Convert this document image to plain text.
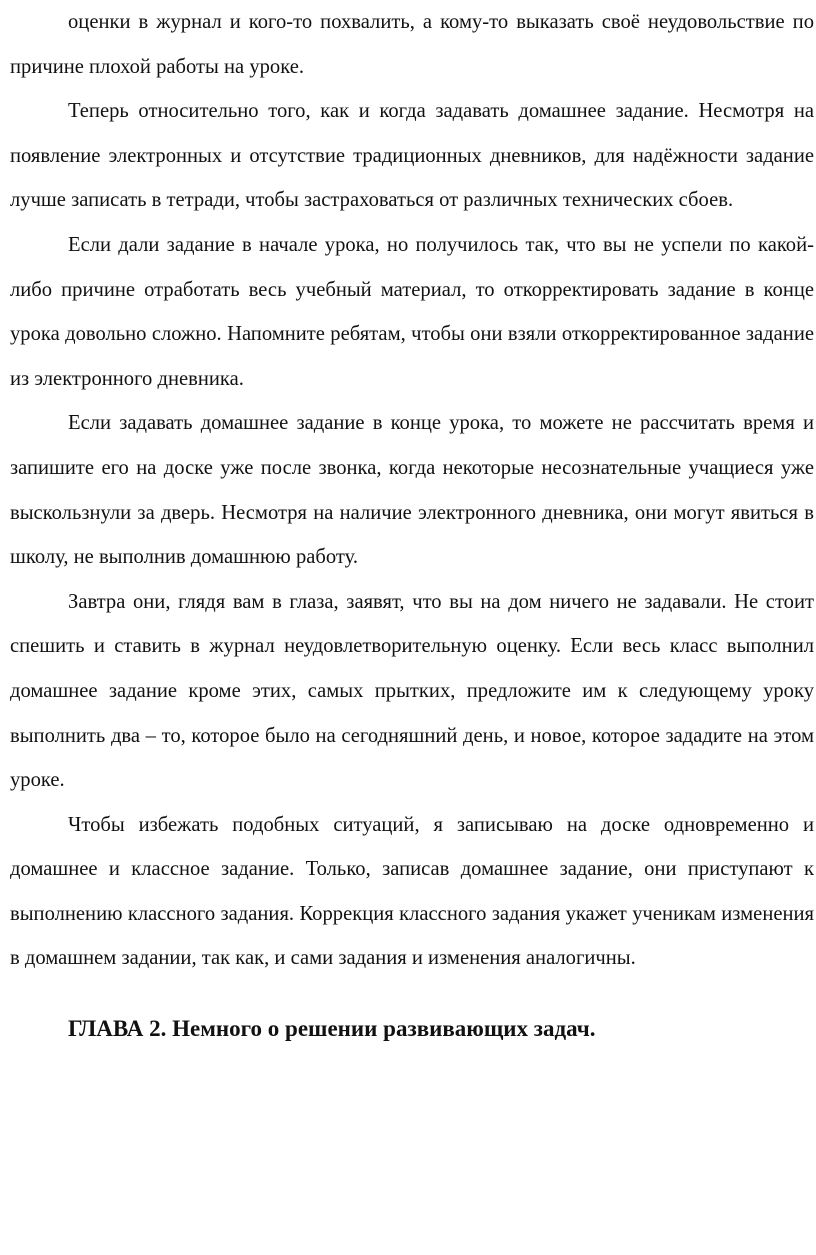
оценки в журнал и кого-то похвалить, а кому-то выказать своё неудовольствие по причине плохой работы на уроке.

Теперь относительно того, как и когда задавать домашнее задание. Несмотря на появление электронных и отсутствие традиционных дневников, для надёжности задание лучше записать в тетради, чтобы застраховаться от различных технических сбоев.

Если дали задание в начале урока, но получилось так, что вы не успели по какой-либо причине отработать весь учебный материал, то откорректировать задание в конце урока довольно сложно. Напомните ребятам, чтобы они взяли откорректированное задание из электронного дневника.

Если задавать домашнее задание в конце урока, то можете не рассчитать время и запишите его на доске уже после звонка, когда некоторые несознательные учащиеся уже выскользнули за дверь. Несмотря на наличие электронного дневника, они могут явиться в школу, не выполнив домашнюю работу.

Завтра они, глядя вам в глаза, заявят, что вы на дом ничего не задавали. Не стоит спешить и ставить в журнал неудовлетворительную оценку. Если весь класс выполнил домашнее задание кроме этих, самых прытких, предложите им к следующему уроку выполнить два – то, которое было на сегодняшний день, и новое, которое зададите на этом уроке.

Чтобы избежать подобных ситуаций, я записываю на доске одновременно и домашнее и классное задание. Только, записав домашнее задание, они приступают к выполнению классного задания. Коррекция классного задания укажет ученикам изменения в домашнем задании, так как, и сами задания и изменения аналогичны.

ГЛАВА 2. Немного о решении развивающих задач.
